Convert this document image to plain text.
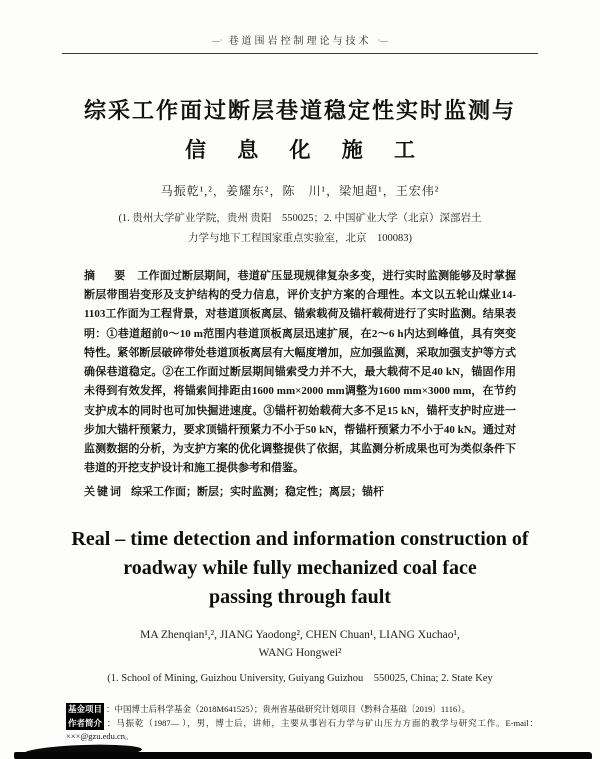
—· 巷道围岩控制理论与技术 ·—
综采工作面过断层巷道稳定性实时监测与
信 息 化 施 工
马振乾¹,²，姜耀东²，陈　川¹，梁旭超¹，王宏伟²
(1. 贵州大学矿业学院，贵州 贵阳　550025；2. 中国矿业大学（北京）深部岩土
力学与地下工程国家重点实验室，北京　100083)
摘　要 工作面过断层期间，巷道矿压显现规律复杂多变，进行实时监测能够及时掌握断层带围岩变形及支护结构的受力信息，评价支护方案的合理性。本文以五轮山煤业14-1103工作面为工程背景，对巷道顶板离层、锚索载荷及锚杆载荷进行了实时监测。结果表明：①巷道超前0～10 m范围内巷道顶板离层迅速扩展，在2～6 h内达到峰值，具有突变特性。紧邻断层破碎带处巷道顶板离层有大幅度增加，应加强监测，采取加强支护等方式确保巷道稳定。②在工作面过断层期间锚索受力并不大，最大载荷不足40 kN，锚固作用未得到有效发挥，将锚索间排距由1600 mm×2000 mm调整为1600 mm×3000 mm，在节约支护成本的同时也可加快掘进速度。③锚杆初始载荷大多不足15 kN，锚杆支护时应进一步加大锚杆预紧力，要求顶锚杆预紧力不小于50 kN，帮锚杆预紧力不小于40 kN。通过对监测数据的分析，为支护方案的优化调整提供了依据，其监测分析成果也可为类似条件下巷道的开挖支护设计和施工提供参考和借鉴。
关键词 综采工作面；断层；实时监测；稳定性；离层；锚杆
Real – time detection and information construction of
roadway while fully mechanized coal face
passing through fault
MA Zhenqian¹,², JIANG Yaodong², CHEN Chuan¹, LIANG Xuchao¹,
WANG Hongwei²
(1. School of Mining, Guizhou University, Guiyang Guizhou　550025, China; 2. State Key

基金项目 ：中国博士后科学基金（2018M641525）；贵州省基础研究计划项目（黔科合基础〔2019〕1116）。

作者简介 ：马振乾（1987— ），男，博士后，讲师，主要从事岩石力学与矿山压力方面的教学与研究工作。E-mail：×××@gzu.edu.cn。
